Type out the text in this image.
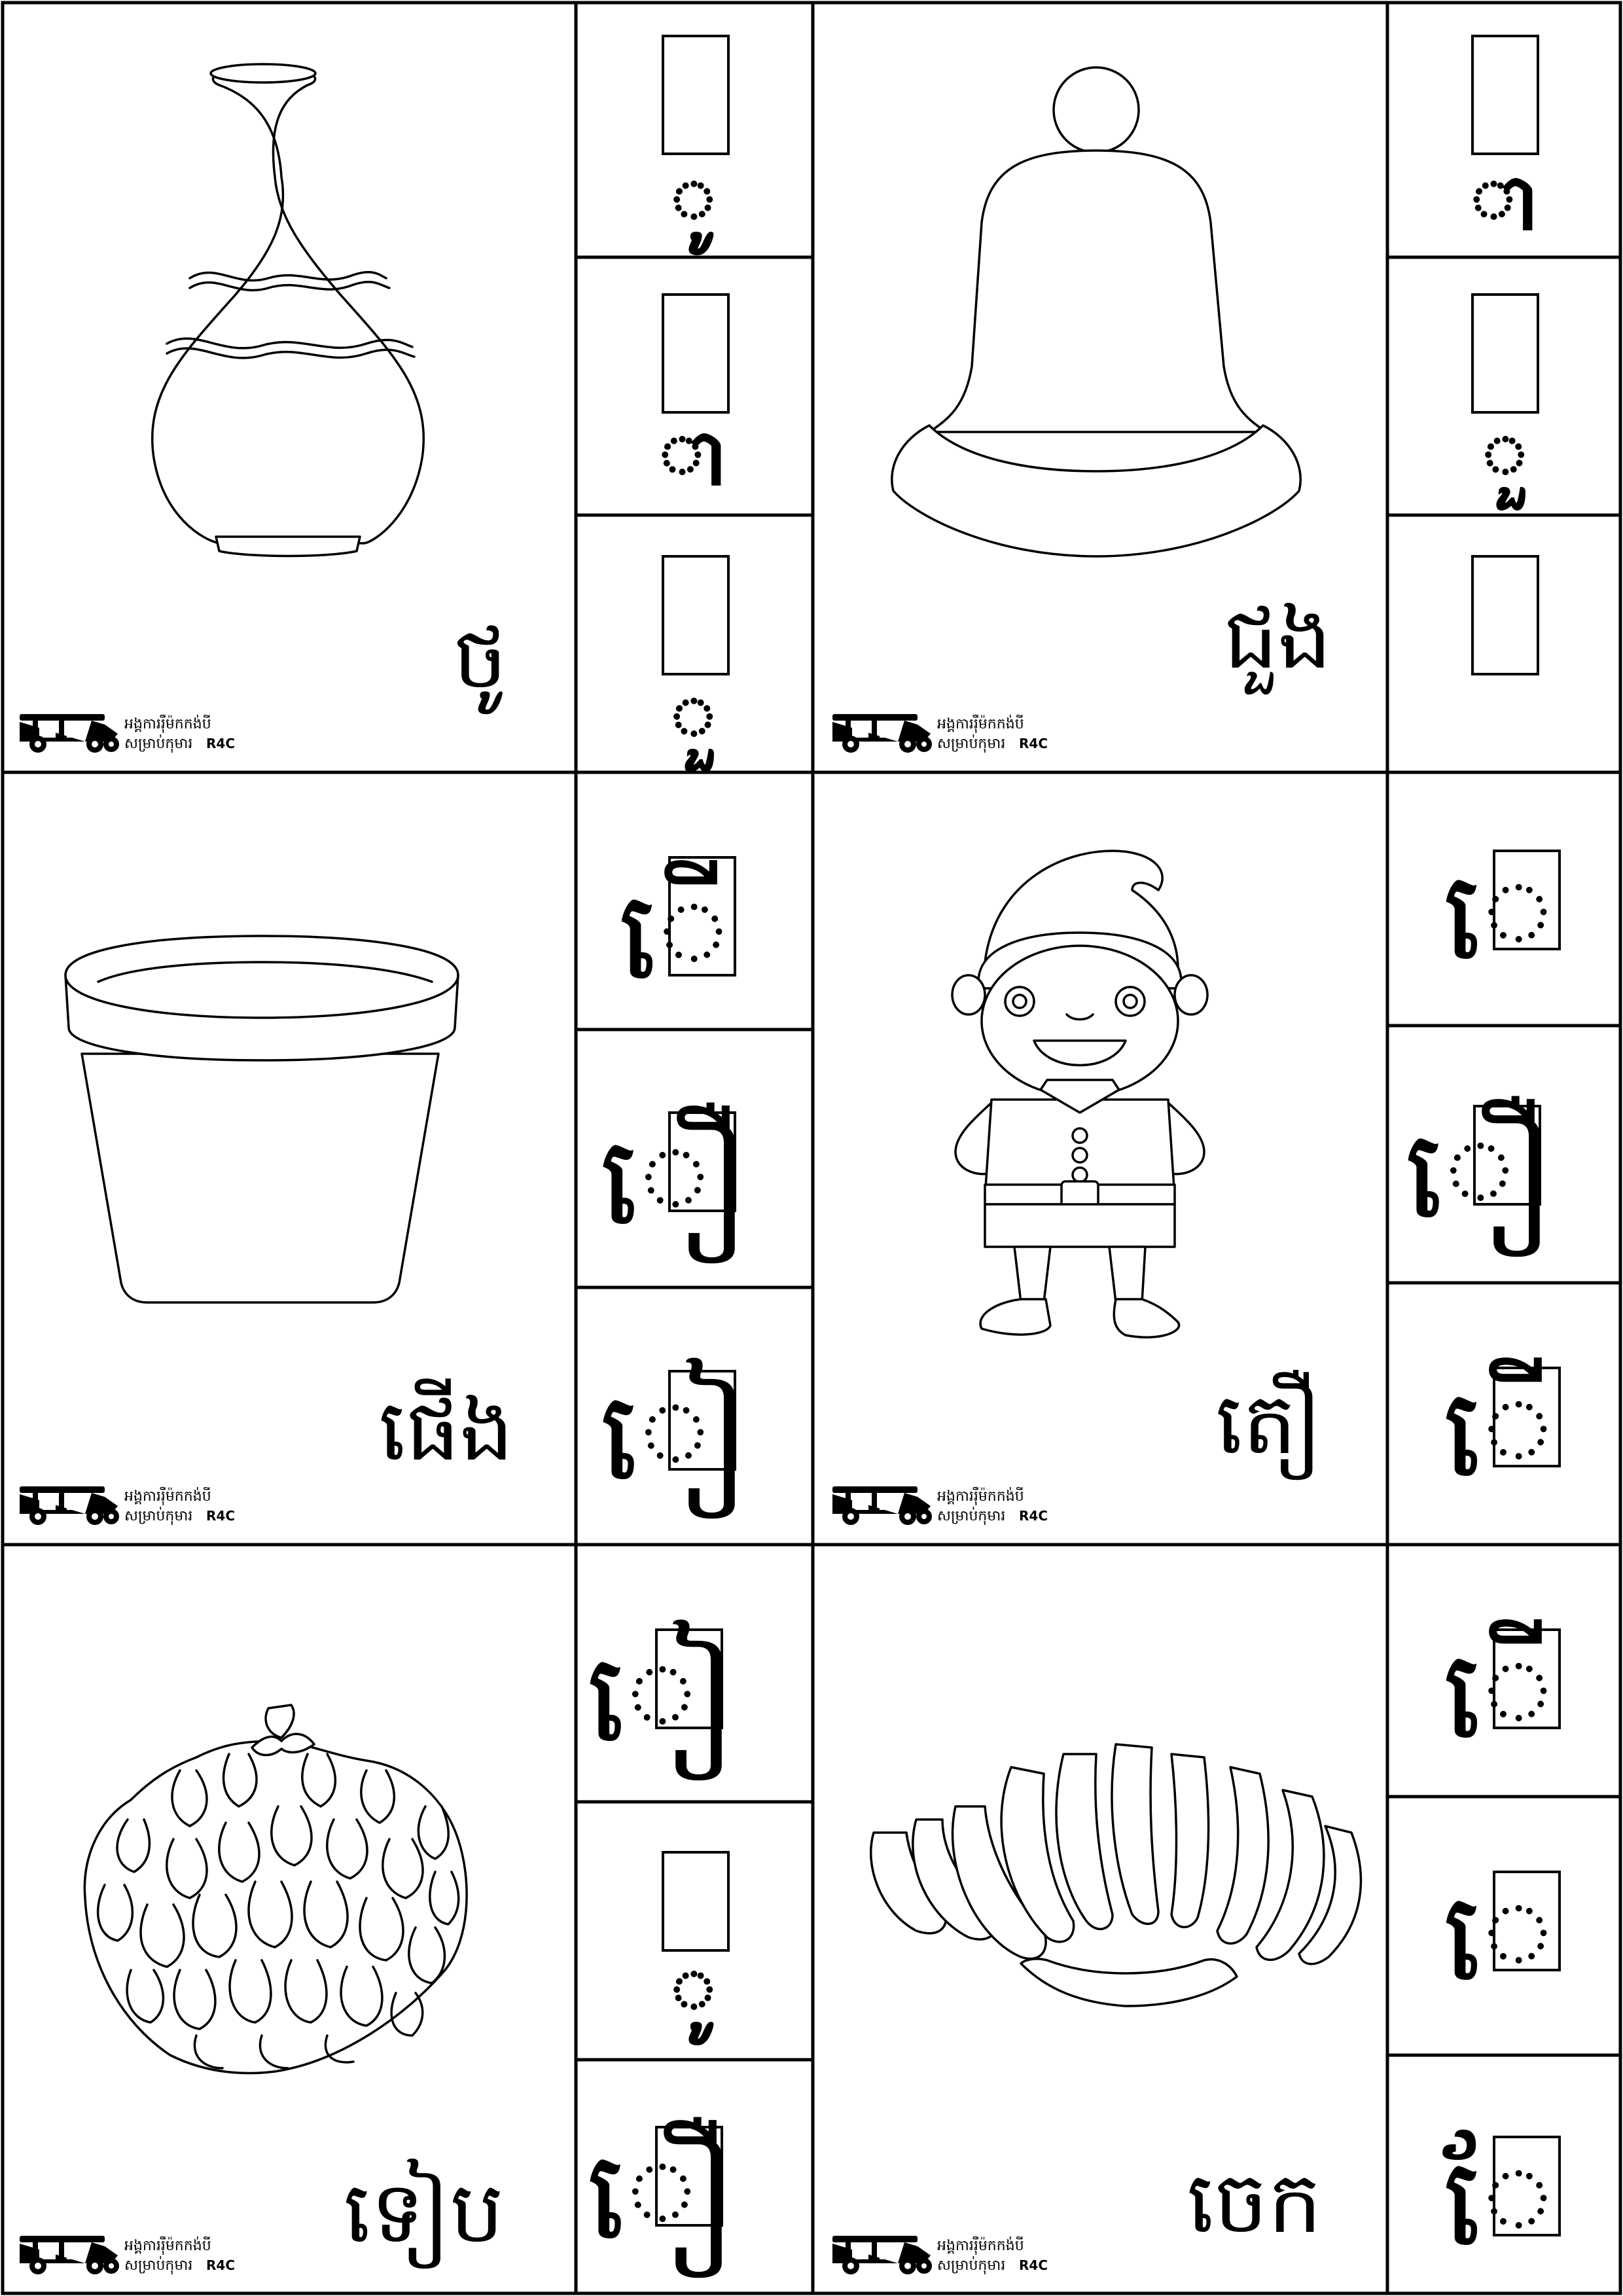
ថូ	ជួង
ផើង	តឿ
ទៀប	ចេក
ូ
ា
ួ
ើ
ឿ
ៀ
ៀ
ូ
ឿ
ា
ួ
េ
ឿ
ើ
ើ
េ
ែ
អង្គការរ៉ឺម៉កកង់បី
សម្រាប់កុមារ R4C
អង្គការរ៉ឺម៉កកង់បី
សម្រាប់កុមារ R4C
អង្គការរ៉ឺម៉កកង់បី
សម្រាប់កុមារ R4C
អង្គការរ៉ឺម៉កកង់បី
សម្រាប់កុមារ R4C
អង្គការរ៉ឺម៉កកង់បី
សម្រាប់កុមារ R4C
អង្គការរ៉ឺម៉កកង់បី
សម្រាប់កុមារ R4C
